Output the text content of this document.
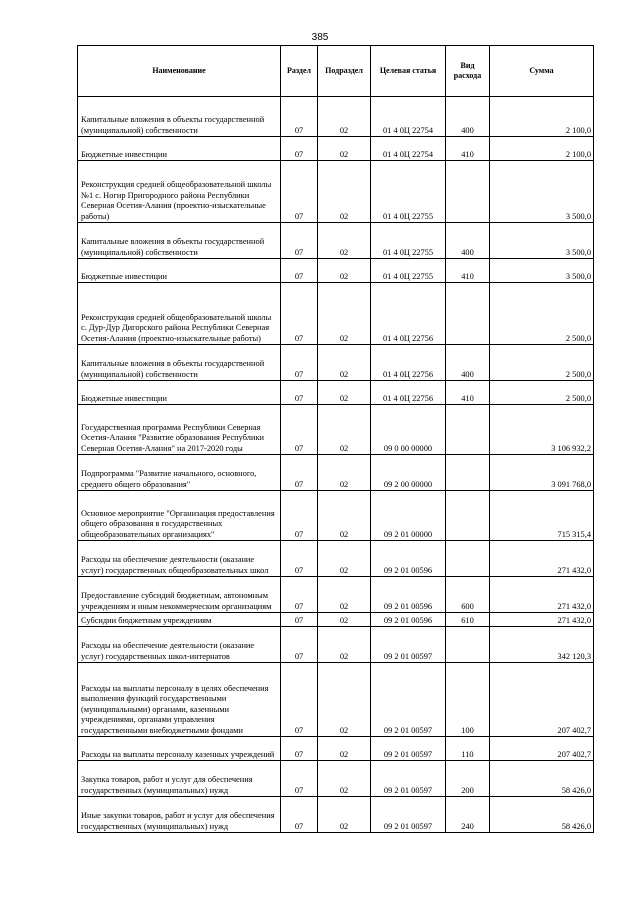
385
Наименование	Раздел	Подраздел	Целевая статья	Вид расхода	Сумма
Капитальные вложения в объекты государственной (муниципальной) собственности	07	02	01 4 0Ц 22754	400	2 100,0
Бюджетные инвестиции	07	02	01 4 0Ц 22754	410	2 100,0
Реконструкция средней общеобразовательной школы №1 с. Ногир Пригородного района Республики Северная Осетия-Алания (проектно-изыскательные работы)	07	02	01 4 0Ц 22755		3 500,0
Капитальные вложения в объекты государственной (муниципальной) собственности	07	02	01 4 0Ц 22755	400	3 500,0
Бюджетные инвестиции	07	02	01 4 0Ц 22755	410	3 500,0
Реконструкция средней общеобразовательной школы с. Дур-Дур Дигорского района Республики Северная Осетия-Алания (проектно-изыскательные работы)	07	02	01 4 0Ц 22756		2 500,0
Капитальные вложения в объекты государственной (муниципальной) собственности	07	02	01 4 0Ц 22756	400	2 500,0
Бюджетные инвестиции	07	02	01 4 0Ц 22756	410	2 500,0
Государственная программа Республики Северная Осетия-Алания "Развитие образования Республики Северная Осетия-Алания" на 2017-2020 годы	07	02	09 0 00 00000		3 106 932,2
Подпрограмма "Развитие начального, основного, среднего общего образования"	07	02	09 2 00 00000		3 091 768,0
Основное мероприятие "Организация предоставления общего образования в государственных общеобразовательных организациях"	07	02	09 2 01 00000		715 315,4
Расходы на обеспечение деятельности (оказание услуг) государственных общеобразовательных школ	07	02	09 2 01 00596		271 432,0
Предоставление субсидий бюджетным, автономным учреждениям и иным некоммерческим организациям	07	02	09 2 01 00596	600	271 432,0
Субсидии бюджетным учреждениям	07	02	09 2 01 00596	610	271 432,0
Расходы на обеспечение деятельности (оказание услуг) государственных школ-интернатов	07	02	09 2 01 00597		342 120,3
Расходы на выплаты персоналу в целях обеспечения выполнения функций государственными (муниципальными) органами, казенными учреждениями, органами управления государственными внебюджетными фондами	07	02	09 2 01 00597	100	207 402,7
Расходы на выплаты персоналу казенных учреждений	07	02	09 2 01 00597	110	207 402,7
Закупка товаров, работ и услуг для обеспечения государственных (муниципальных) нужд	07	02	09 2 01 00597	200	58 426,0
Иные закупки товаров, работ и услуг для обеспечения государственных (муниципальных) нужд	07	02	09 2 01 00597	240	58 426,0
